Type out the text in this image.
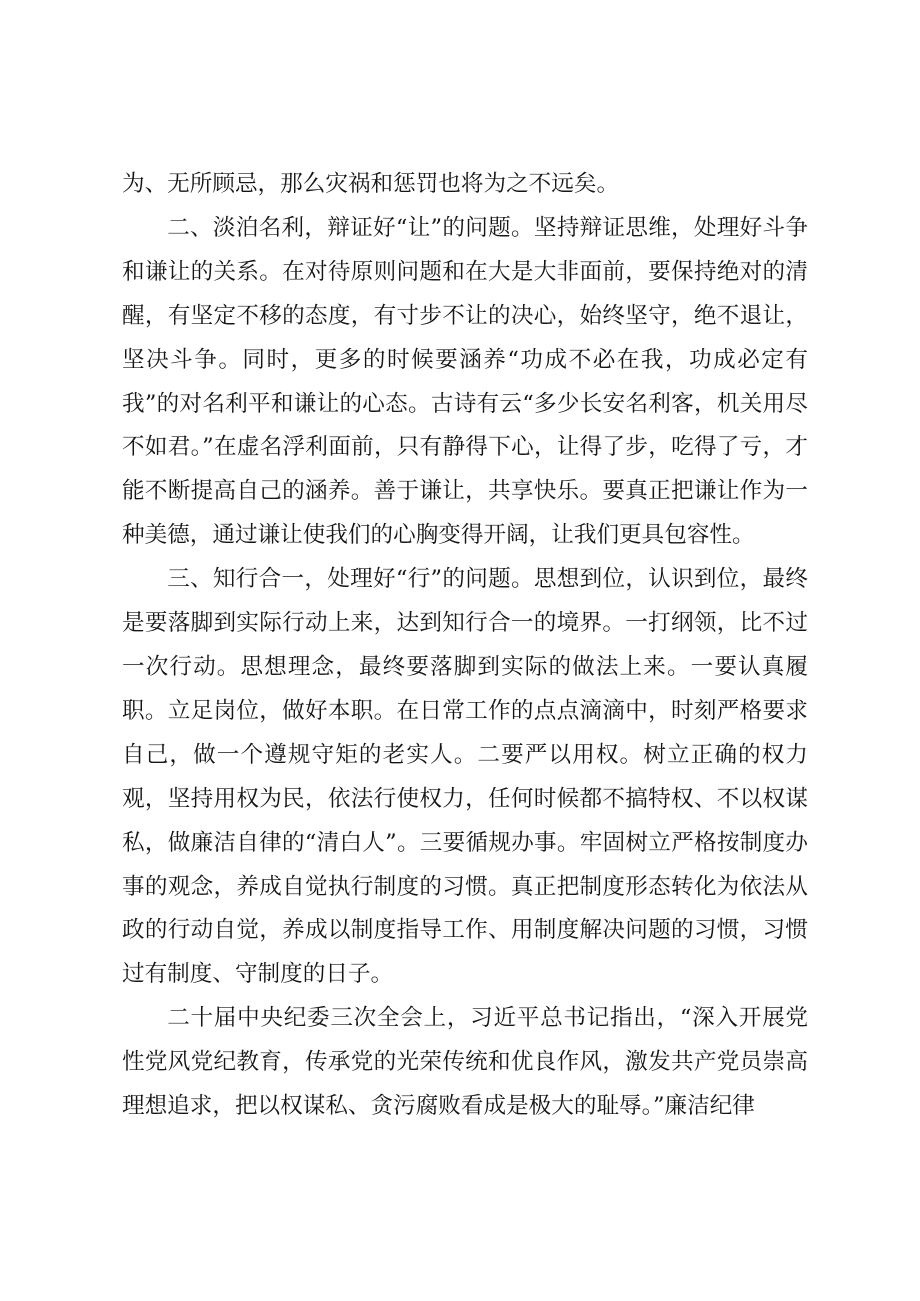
为、无所顾忌，那么灾祸和惩罚也将为之不远矣。

二、淡泊名利，辩证好“让”的问题。坚持辩证思维，处理好斗争和谦让的关系。在对待原则问题和在大是大非面前，要保持绝对的清醒，有坚定不移的态度，有寸步不让的决心，始终坚守，绝不退让，坚决斗争。同时，更多的时候要涵养“功成不必在我，功成必定有我”的对名利平和谦让的心态。古诗有云“多少长安名利客，机关用尽不如君。”在虚名浮利面前，只有静得下心，让得了步，吃得了亏，才能不断提高自己的涵养。善于谦让，共享快乐。要真正把谦让作为一种美德，通过谦让使我们的心胸变得开阔，让我们更具包容性。

三、知行合一，处理好“行”的问题。思想到位，认识到位，最终是要落脚到实际行动上来，达到知行合一的境界。一打纲领，比不过一次行动。思想理念，最终要落脚到实际的做法上来。一要认真履职。立足岗位，做好本职。在日常工作的点点滴滴中，时刻严格要求自己，做一个遵规守矩的老实人。二要严以用权。树立正确的权力观，坚持用权为民，依法行使权力，任何时候都不搞特权、不以权谋私，做廉洁自律的“清白人”。三要循规办事。牢固树立严格按制度办事的观念，养成自觉执行制度的习惯。真正把制度形态转化为依法从政的行动自觉，养成以制度指导工作、用制度解决问题的习惯，习惯过有制度、守制度的日子。

二十届中央纪委三次全会上，习近平总书记指出，“深入开展党性党风党纪教育，传承党的光荣传统和优良作风，激发共产党员崇高理想追求，把以权谋私、贪污腐败看成是极大的耻辱。”廉洁纪律
